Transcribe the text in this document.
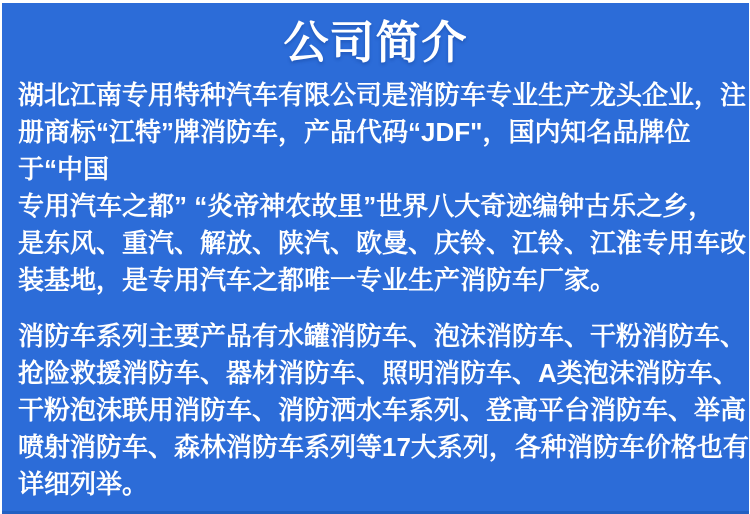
公司简介
湖北江南专用特种汽车有限公司是消防车专业生产龙头企业，注
册商标“江特”牌消防车，产品代码“JDF"，国内知名品牌位
于“中国
专用汽车之都” “炎帝神农故里”世界八大奇迹编钟古乐之乡，
是东风、重汽、解放、陕汽、欧曼、庆铃、江铃、江淮专用车改
装基地，是专用汽车之都唯一专业生产消防车厂家。
消防车系列主要产品有水罐消防车、泡沫消防车、干粉消防车、
抢险救援消防车、器材消防车、照明消防车、A类泡沫消防车、
干粉泡沫联用消防车、消防洒水车系列、登高平台消防车、举高
喷射消防车、森林消防车系列等17大系列，各种消防车价格也有
详细列举。
